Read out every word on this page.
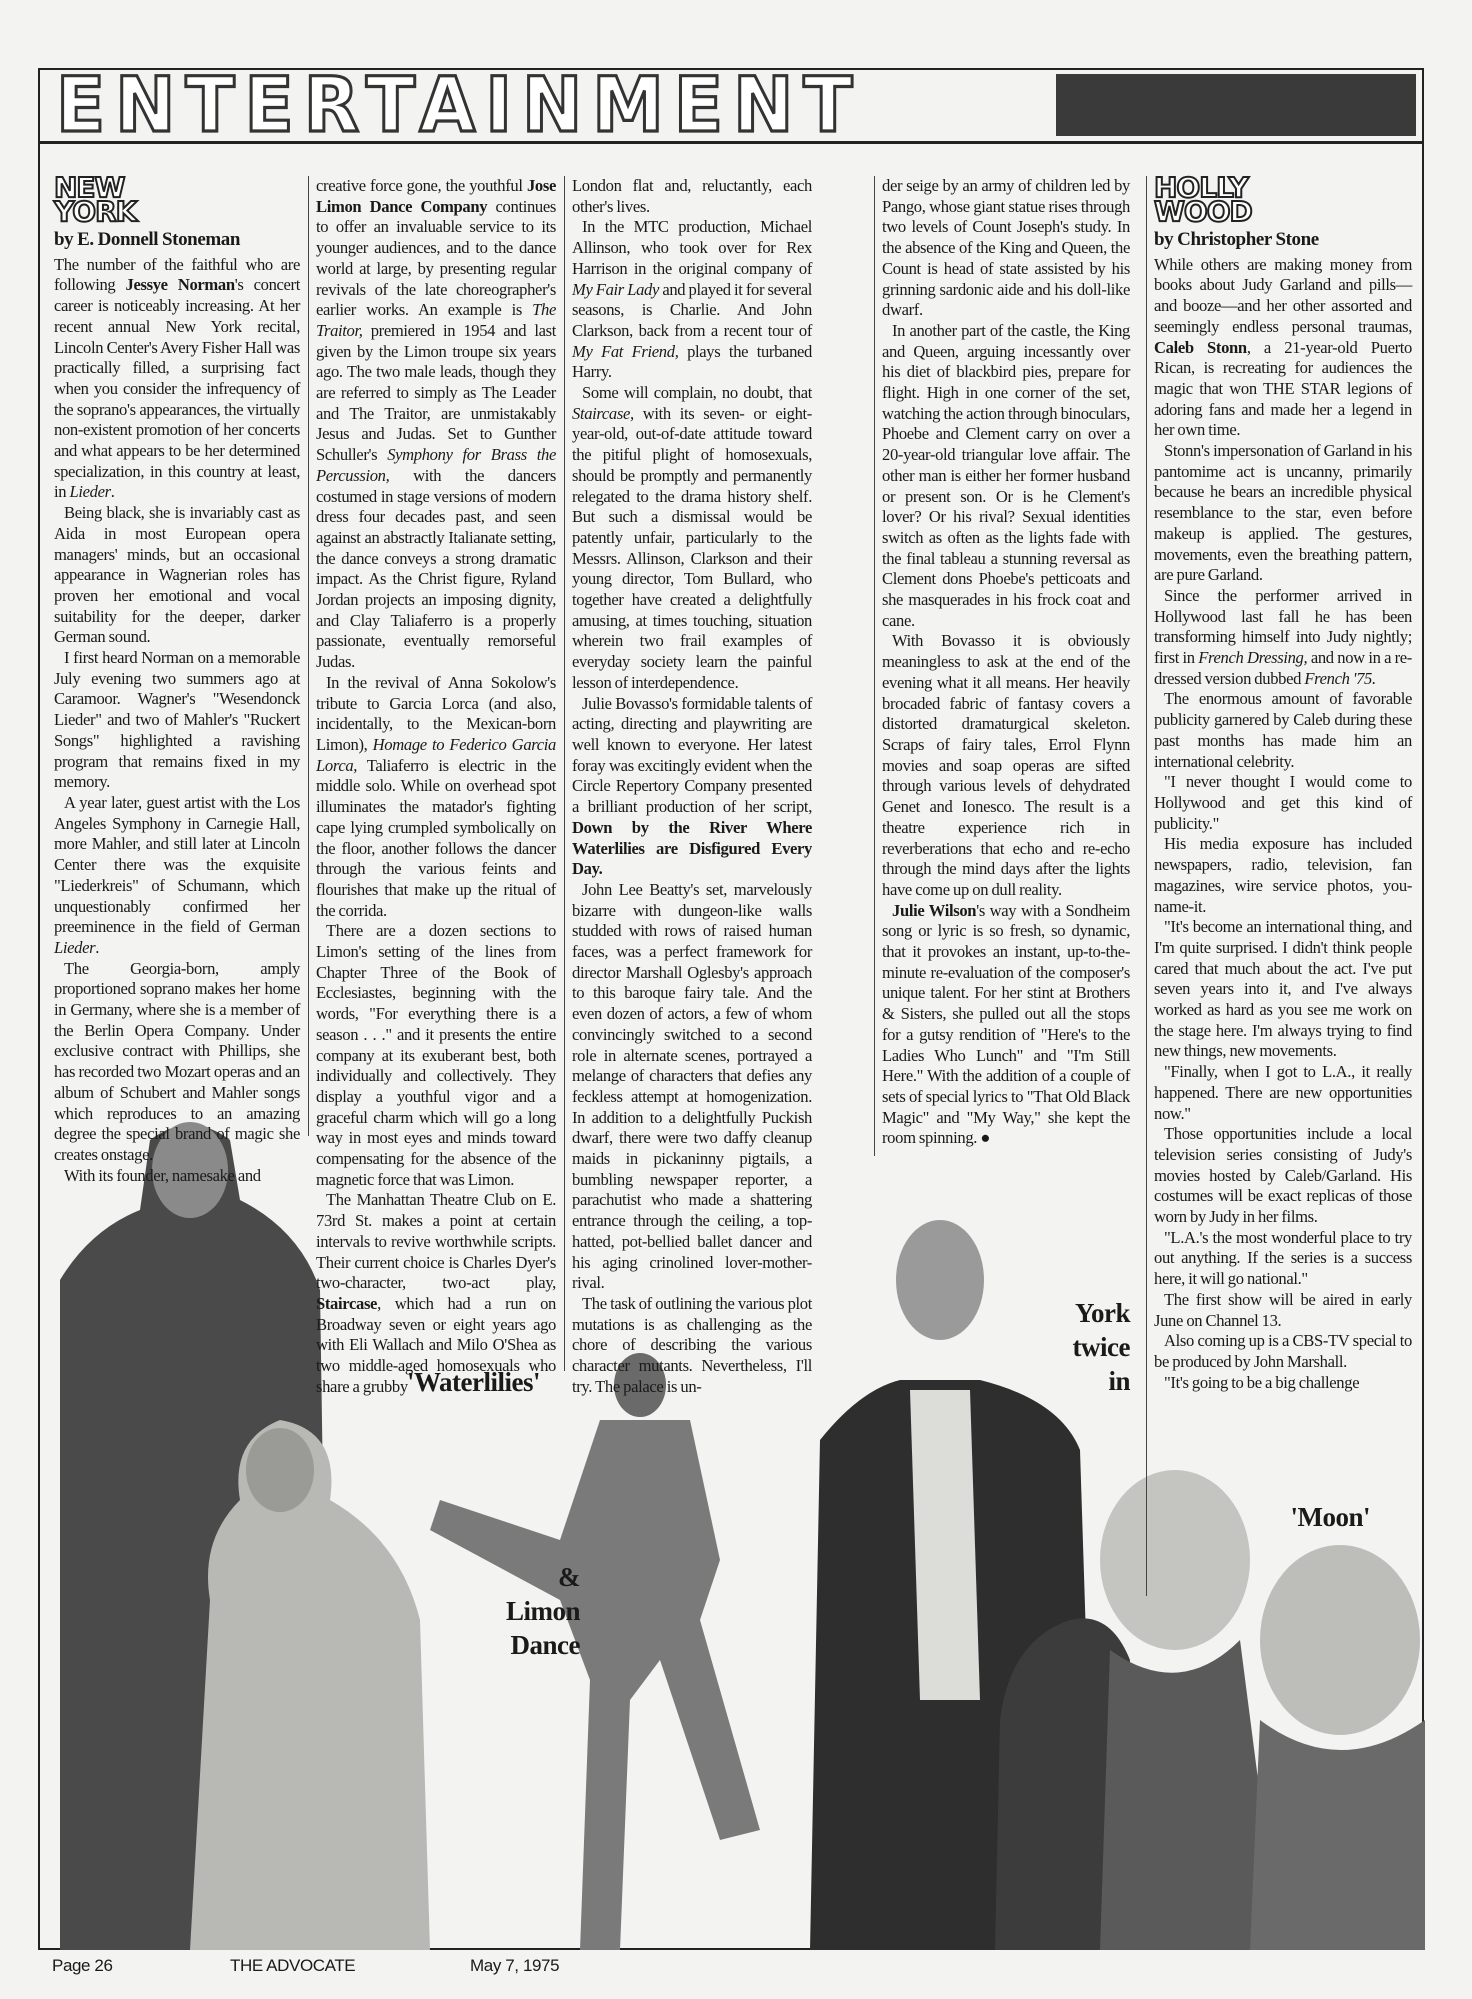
ENTERTAINMENT
NEW YORK
by E. Donnell Stoneman

The number of the faithful who are following Jessye Norman's concert career is noticeably increasing. At her recent annual New York recital, Lincoln Center's Avery Fisher Hall was practically filled, a surprising fact when you consider the infrequency of the soprano's appearances, the virtually non-existent promotion of her concerts and what appears to be her determined specialization, in this country at least, in Lieder.

Being black, she is invariably cast as Aida in most European opera managers' minds, but an occasional appearance in Wagnerian roles has proven her emotional and vocal suitability for the deeper, darker German sound.

I first heard Norman on a memorable July evening two summers ago at Caramoor. Wagner's "Wesendonck Lieder" and two of Mahler's "Ruckert Songs" highlighted a ravishing program that remains fixed in my memory.

A year later, guest artist with the Los Angeles Symphony in Carnegie Hall, more Mahler, and still later at Lincoln Center there was the exquisite "Liederkreis" of Schumann, which unquestionably confirmed her preeminence in the field of German Lieder.

The Georgia-born, amply proportioned soprano makes her home in Germany, where she is a member of the Berlin Opera Company. Under exclusive contract with Phillips, she has recorded two Mozart operas and an album of Schubert and Mahler songs which reproduces to an amazing degree the special brand of magic she creates onstage.

With its founder, namesake and

creative force gone, the youthful Jose Limon Dance Company continues to offer an invaluable service to its younger audiences, and to the dance world at large, by presenting regular revivals of the late choreographer's earlier works. An example is The Traitor, premiered in 1954 and last given by the Limon troupe six years ago. The two male leads, though they are referred to simply as The Leader and The Traitor, are unmistakably Jesus and Judas. Set to Gunther Schuller's Symphony for Brass the Percussion, with the dancers costumed in stage versions of modern dress four decades past, and seen against an abstractly Italianate setting, the dance conveys a strong dramatic impact. As the Christ figure, Ryland Jordan projects an imposing dignity, and Clay Taliaferro is a properly passionate, eventually remorseful Judas.

In the revival of Anna Sokolow's tribute to Garcia Lorca (and also, incidentally, to the Mexican-born Limon), Homage to Federico Garcia Lorca, Taliaferro is electric in the middle solo. While on overhead spot illuminates the matador's fighting cape lying crumpled symbolically on the floor, another follows the dancer through the various feints and flourishes that make up the ritual of the corrida.

There are a dozen sections to Limon's setting of the lines from Chapter Three of the Book of Ecclesiastes, beginning with the words, "For everything there is a season . . ." and it presents the entire company at its exuberant best, both individually and collectively. They display a youthful vigor and a graceful charm which will go a long way in most eyes and minds toward compensating for the absence of the magnetic force that was Limon.

The Manhattan Theatre Club on E. 73rd St. makes a point at certain intervals to revive worthwhile scripts. Their current choice is Charles Dyer's two-character, two-act play, Staircase, which had a run on Broadway seven or eight years ago with Eli Wallach and Milo O'Shea as two middle-aged homosexuals who share a grubby

London flat and, reluctantly, each other's lives.

In the MTC production, Michael Allinson, who took over for Rex Harrison in the original company of My Fair Lady and played it for several seasons, is Charlie. And John Clarkson, back from a recent tour of My Fat Friend, plays the turbaned Harry.

Some will complain, no doubt, that Staircase, with its seven- or eight-year-old, out-of-date attitude toward the pitiful plight of homosexuals, should be promptly and permanently relegated to the drama history shelf. But such a dismissal would be patently unfair, particularly to the Messrs. Allinson, Clarkson and their young director, Tom Bullard, who together have created a delightfully amusing, at times touching, situation wherein two frail examples of everyday society learn the painful lesson of interdependence.

Julie Bovasso's formidable talents of acting, directing and playwriting are well known to everyone. Her latest foray was excitingly evident when the Circle Repertory Company presented a brilliant production of her script, Down by the River Where Waterlilies are Disfigured Every Day.

John Lee Beatty's set, marvelously bizarre with dungeon-like walls studded with rows of raised human faces, was a perfect framework for director Marshall Oglesby's approach to this baroque fairy tale. And the even dozen of actors, a few of whom convincingly switched to a second role in alternate scenes, portrayed a melange of characters that defies any feckless attempt at homogenization. In addition to a delightfully Puckish dwarf, there were two daffy cleanup maids in pickaninny pigtails, a bumbling newspaper reporter, a parachutist who made a shattering entrance through the ceiling, a top-hatted, pot-bellied ballet dancer and his aging crinolined lover-mother-rival.

The task of outlining the various plot mutations is as challenging as the chore of describing the various character mutants. Nevertheless, I'll try. The palace is un-

der seige by an army of children led by Pango, whose giant statue rises through two levels of Count Joseph's study. In the absence of the King and Queen, the Count is head of state assisted by his grinning sardonic aide and his doll-like dwarf.

In another part of the castle, the King and Queen, arguing incessantly over his diet of blackbird pies, prepare for flight. High in one corner of the set, watching the action through binoculars, Phoebe and Clement carry on over a 20-year-old triangular love affair. The other man is either her former husband or present son. Or is he Clement's lover? Or his rival? Sexual identities switch as often as the lights fade with the final tableau a stunning reversal as Clement dons Phoebe's petticoats and she masquerades in his frock coat and cane.

With Bovasso it is obviously meaningless to ask at the end of the evening what it all means. Her heavily brocaded fabric of fantasy covers a distorted dramaturgical skeleton. Scraps of fairy tales, Errol Flynn movies and soap operas are sifted through various levels of dehydrated Genet and Ionesco. The result is a theatre experience rich in reverberations that echo and re-echo through the mind days after the lights have come up on dull reality.

Julie Wilson's way with a Sondheim song or lyric is so fresh, so dynamic, that it provokes an instant, up-to-the-minute re-evaluation of the composer's unique talent. For her stint at Brothers & Sisters, she pulled out all the stops for a gutsy rendition of "Here's to the Ladies Who Lunch" and "I'm Still Here." With the addition of a couple of sets of special lyrics to "That Old Black Magic" and "My Way," she kept the room spinning. ●

HOLLY WOOD
by Christopher Stone

While others are making money from books about Judy Garland and pills—and booze—and her other assorted and seemingly endless personal traumas, Caleb Stonn, a 21-year-old Puerto Rican, is recreating for audiences the magic that won THE STAR legions of adoring fans and made her a legend in her own time.

Stonn's impersonation of Garland in his pantomime act is uncanny, primarily because he bears an incredible physical resemblance to the star, even before makeup is applied. The gestures, movements, even the breathing pattern, are pure Garland.

Since the performer arrived in Hollywood last fall he has been transforming himself into Judy nightly; first in French Dressing, and now in a re-dressed version dubbed French '75.

The enormous amount of favorable publicity garnered by Caleb during these past months has made him an international celebrity.

"I never thought I would come to Hollywood and get this kind of publicity."

His media exposure has included newspapers, radio, television, fan magazines, wire service photos, you-name-it.

"It's become an international thing, and I'm quite surprised. I didn't think people cared that much about the act. I've put seven years into it, and I've always worked as hard as you see me work on the stage here. I'm always trying to find new things, new movements.

"Finally, when I got to L.A., it really happened. There are new opportunities now."

Those opportunities include a local television series consisting of Judy's movies hosted by Caleb/Garland. His costumes will be exact replicas of those worn by Judy in her films.

"L.A.'s the most wonderful place to try out anything. If the series is a success here, it will go national."

The first show will be aired in early June on Channel 13.

Also coming up is a CBS-TV special to be produced by John Marshall.

"It's going to be a big challenge

'Waterlilies'
&
Limon
Dance
York
twice
in
'Moon'
Page 26	THE ADVOCATE	May 7, 1975
